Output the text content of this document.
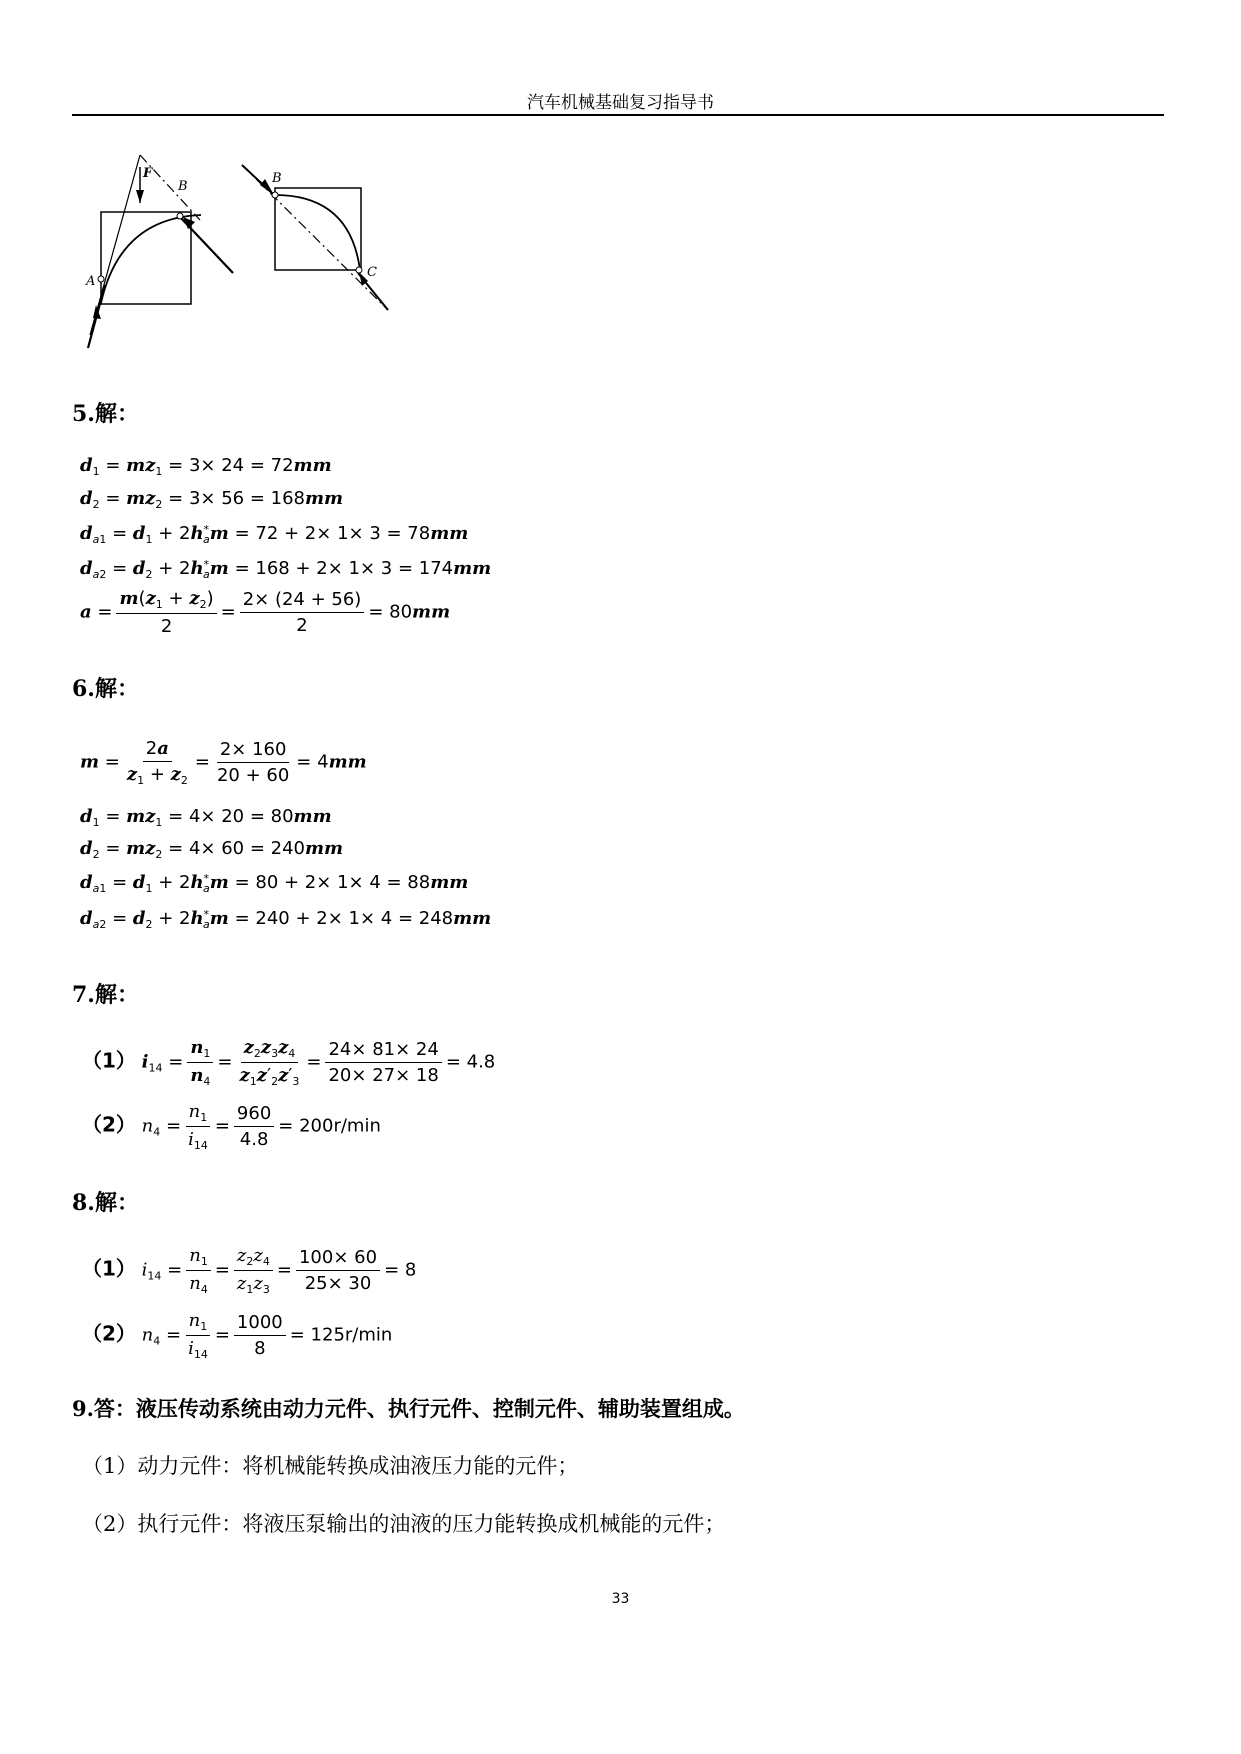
汽车机械基础复习指导书
A
B
F	B
C
5.解：
$d_1 = mz_1 = 3\times 24 = 72mm$
$d_2 = mz_2 = 3\times 56 = 168mm$
$d_{a1} = d_1 + 2h^*_am = 72 + 2\times 1\times 3 = 78mm$
$d_{a2} = d_2 + 2h^*_am = 168 + 2\times 1\times 3 = 174mm$
$a = \frac{m(z_1 + z_2)}{2} = \frac{2\times (24 + 56)}{2} = 80mm$
6.解：
$m = \frac{2a}{z_1 + z_2} = \frac{2\times 160}{20 + 60} = 4mm$
$d_1 = mz_1 = 4\times 20 = 80mm$
$d_2 = mz_2 = 4\times 60 = 240mm$
$d_{a1} = d_1 + 2h^*_am = 80 + 2\times 1\times 4 = 88mm$
$d_{a2} = d_2 + 2h^*_am = 240 + 2\times 1\times 4 = 248mm$
7.解：
（1） $i_{14} = \frac{n_1}{n_4} = \frac{z_2z_3z_4}{z_1z'_2z'_3} = \frac{24\times 81\times 24}{20\times 27\times 18} = 4.8$
（2） $n_4 = \frac{n_1}{i_{14}} = \frac{960}{4.8} = 200r/\min$
8.解：
（1） $i_{14} = \frac{n_1}{n_4} = \frac{z_2z_4}{z_1z_3} = \frac{100\times 60}{25\times 30} = 8$
（2） $n_4 = \frac{n_1}{i_{14}} = \frac{1000}{8} = 125r/\min$
9.答：液压传动系统由动力元件、执行元件、控制元件、辅助装置组成。
（1）动力元件：将机械能转换成油液压力能的元件；
（2）执行元件：将液压泵输出的油液的压力能转换成机械能的元件；
33
